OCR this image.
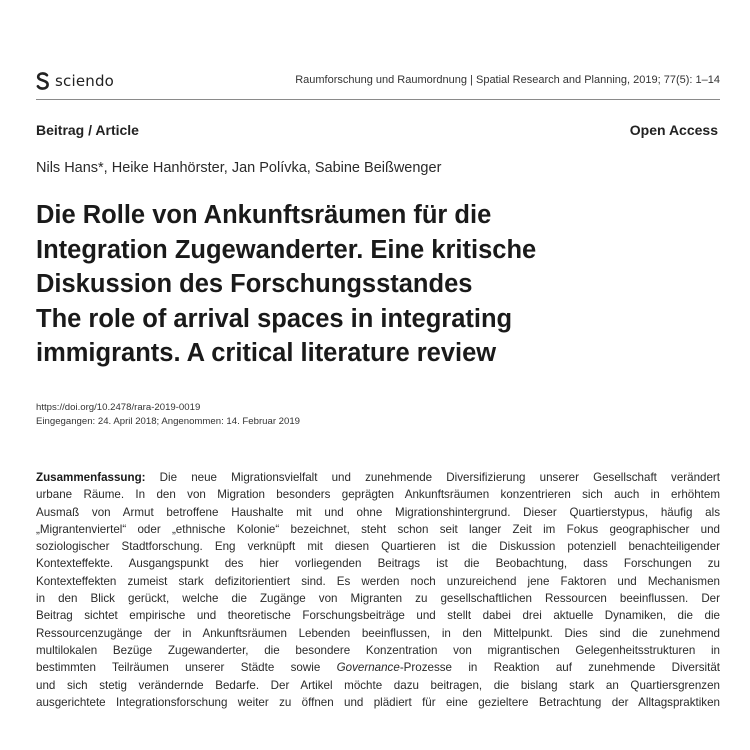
sciendo	Raumforschung und Raumordnung | Spatial Research and Planning, 2019; 77(5): 1–14
Beitrag / Article	Open Access
Nils Hans*, Heike Hanhörster, Jan Polívka, Sabine Beißwenger
Die Rolle von Ankunftsräumen für die
Integration Zugewanderter. Eine kritische
Diskussion des Forschungsstandes
The role of arrival spaces in integrating
immigrants. A critical literature review
https://doi.org/10.2478/rara-2019-0019
Eingegangen: 24. April 2018; Angenommen: 14. Februar 2019
Zusammenfassung: Die neue Migrationsvielfalt und zunehmende Diversifizierung unserer Gesellschaft verändert
urbane Räume. In den von Migration besonders geprägten Ankunftsräumen konzentrieren sich auch in erhöhtem
Ausmaß von Armut betroffene Haushalte mit und ohne Migrationshintergrund. Dieser Quartierstypus, häufig als
„Migrantenviertel“ oder „ethnische Kolonie“ bezeichnet, steht schon seit langer Zeit im Fokus geographischer und
soziologischer Stadtforschung. Eng verknüpft mit diesen Quartieren ist die Diskussion potenziell benachteiligender
Kontexteffekte. Ausgangspunkt des hier vorliegenden Beitrags ist die Beobachtung, dass Forschungen zu
Kontexteffekten zumeist stark defizitorientiert sind. Es werden noch unzureichend jene Faktoren und Mechanismen
in den Blick gerückt, welche die Zugänge von Migranten zu gesellschaftlichen Ressourcen beeinflussen. Der
Beitrag sichtet empirische und theoretische Forschungsbeiträge und stellt dabei drei aktuelle Dynamiken, die die
Ressourcenzugänge der in Ankunftsräumen Lebenden beeinflussen, in den Mittelpunkt. Dies sind die zunehmend
multilokalen Bezüge Zugewanderter, die besondere Konzentration von migrantischen Gelegenheitsstrukturen in
bestimmten Teilräumen unserer Städte sowie Governance-Prozesse in Reaktion auf zunehmende Diversität
und sich stetig verändernde Bedarfe. Der Artikel möchte dazu beitragen, die bislang stark an Quartiersgrenzen
ausgerichtete Integrationsforschung weiter zu öffnen und plädiert für eine gezieltere Betrachtung der Alltagspraktiken
